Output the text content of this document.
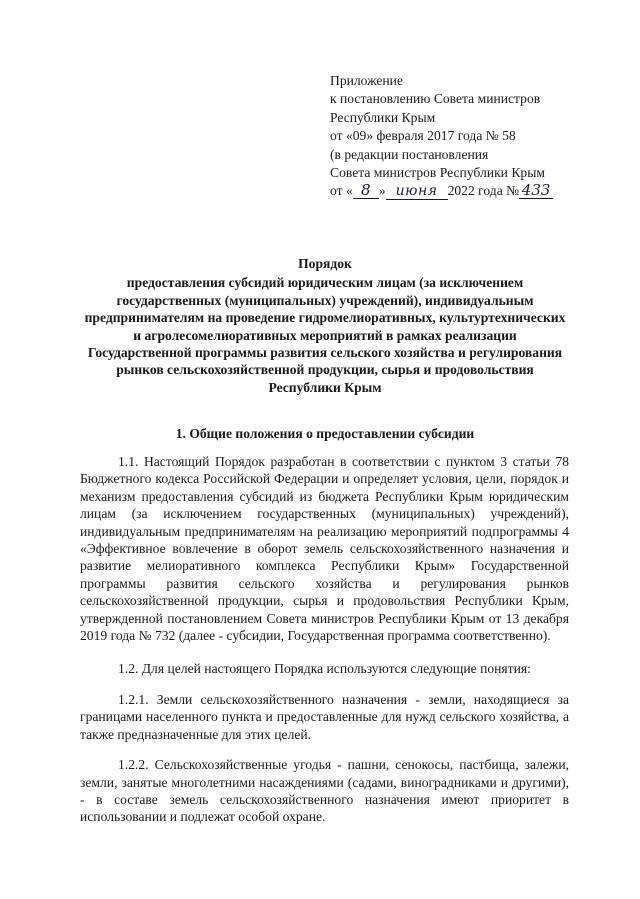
Приложение
к постановлению Совета министров
Республики Крым
от «09» февраля 2017 года № 58
(в редакции постановления
Совета министров Республики Крым
от « 8 » июня 2022 года № 433
Порядок
предоставления субсидий юридическим лицам (за исключением государственных (муниципальных) учреждений), индивидуальным предпринимателям на проведение гидромелиоративных, культуртехнических и агролесомелиоративных мероприятий в рамках реализации Государственной программы развития сельского хозяйства и регулирования рынков сельскохозяйственной продукции, сырья и продовольствия Республики Крым
1. Общие положения о предоставлении субсидии

1.1. Настоящий Порядок разработан в соответствии с пунктом 3 статьи 78 Бюджетного кодекса Российской Федерации и определяет условия, цели, порядок и механизм предоставления субсидий из бюджета Республики Крым юридическим лицам (за исключением государственных (муниципальных) учреждений), индивидуальным предпринимателям на реализацию мероприятий подпрограммы 4 «Эффективное вовлечение в оборот земель сельскохозяйственного назначения и развитие мелиоративного комплекса Республики Крым» Государственной программы развития сельского хозяйства и регулирования рынков сельскохозяйственной продукции, сырья и продовольствия Республики Крым, утвержденной постановлением Совета министров Республики Крым от 13 декабря 2019 года № 732 (далее - субсидии, Государственная программа соответственно).

1.2. Для целей настоящего Порядка используются следующие понятия:

1.2.1. Земли сельскохозяйственного назначения - земли, находящиеся за границами населенного пункта и предоставленные для нужд сельского хозяйства, а также предназначенные для этих целей.

1.2.2. Сельскохозяйственные угодья - пашни, сенокосы, пастбища, залежи, земли, занятые многолетними насаждениями (садами, виноградниками и другими), - в составе земель сельскохозяйственного назначения имеют приоритет в использовании и подлежат особой охране.
